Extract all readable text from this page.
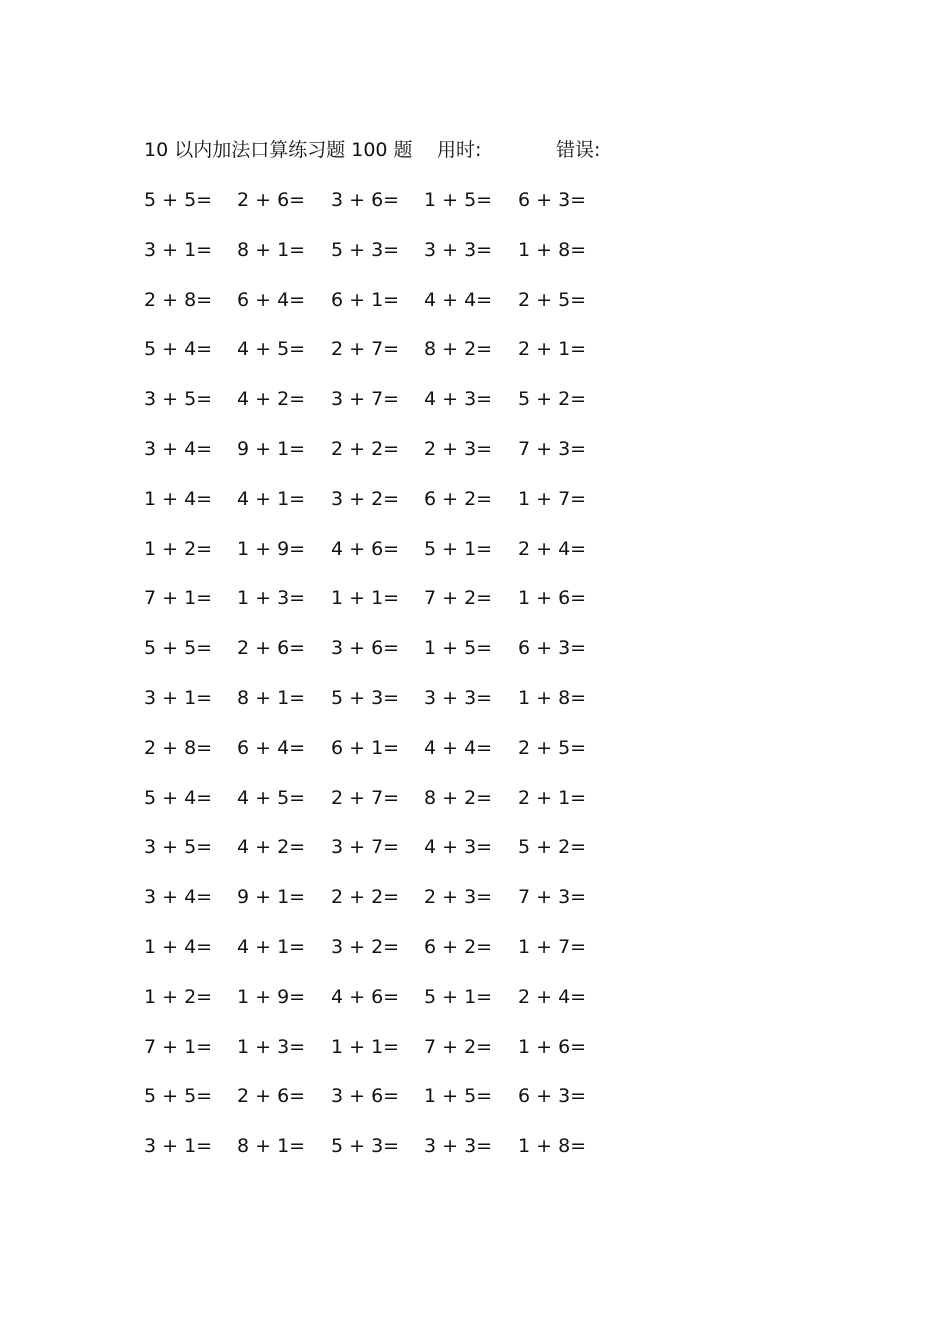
10 以内加法口算练习题 100 题 用时:	错误:
5 + 5= 2 + 6= 3 + 6= 1 + 5= 6 + 3=
3 + 1= 8 + 1= 5 + 3= 3 + 3= 1 + 8=
2 + 8= 6 + 4= 6 + 1= 4 + 4= 2 + 5=
5 + 4= 4 + 5= 2 + 7= 8 + 2= 2 + 1=
3 + 5= 4 + 2= 3 + 7= 4 + 3= 5 + 2=
3 + 4= 9 + 1= 2 + 2= 2 + 3= 7 + 3=
1 + 4= 4 + 1= 3 + 2= 6 + 2= 1 + 7=
1 + 2= 1 + 9= 4 + 6= 5 + 1= 2 + 4=
7 + 1= 1 + 3= 1 + 1= 7 + 2= 1 + 6=
5 + 5= 2 + 6= 3 + 6= 1 + 5= 6 + 3=
3 + 1= 8 + 1= 5 + 3= 3 + 3= 1 + 8=
2 + 8= 6 + 4= 6 + 1= 4 + 4= 2 + 5=
5 + 4= 4 + 5= 2 + 7= 8 + 2= 2 + 1=
3 + 5= 4 + 2= 3 + 7= 4 + 3= 5 + 2=
3 + 4= 9 + 1= 2 + 2= 2 + 3= 7 + 3=
1 + 4= 4 + 1= 3 + 2= 6 + 2= 1 + 7=
1 + 2= 1 + 9= 4 + 6= 5 + 1= 2 + 4=
7 + 1= 1 + 3= 1 + 1= 7 + 2= 1 + 6=
5 + 5= 2 + 6= 3 + 6= 1 + 5= 6 + 3=
3 + 1= 8 + 1= 5 + 3= 3 + 3= 1 + 8=
